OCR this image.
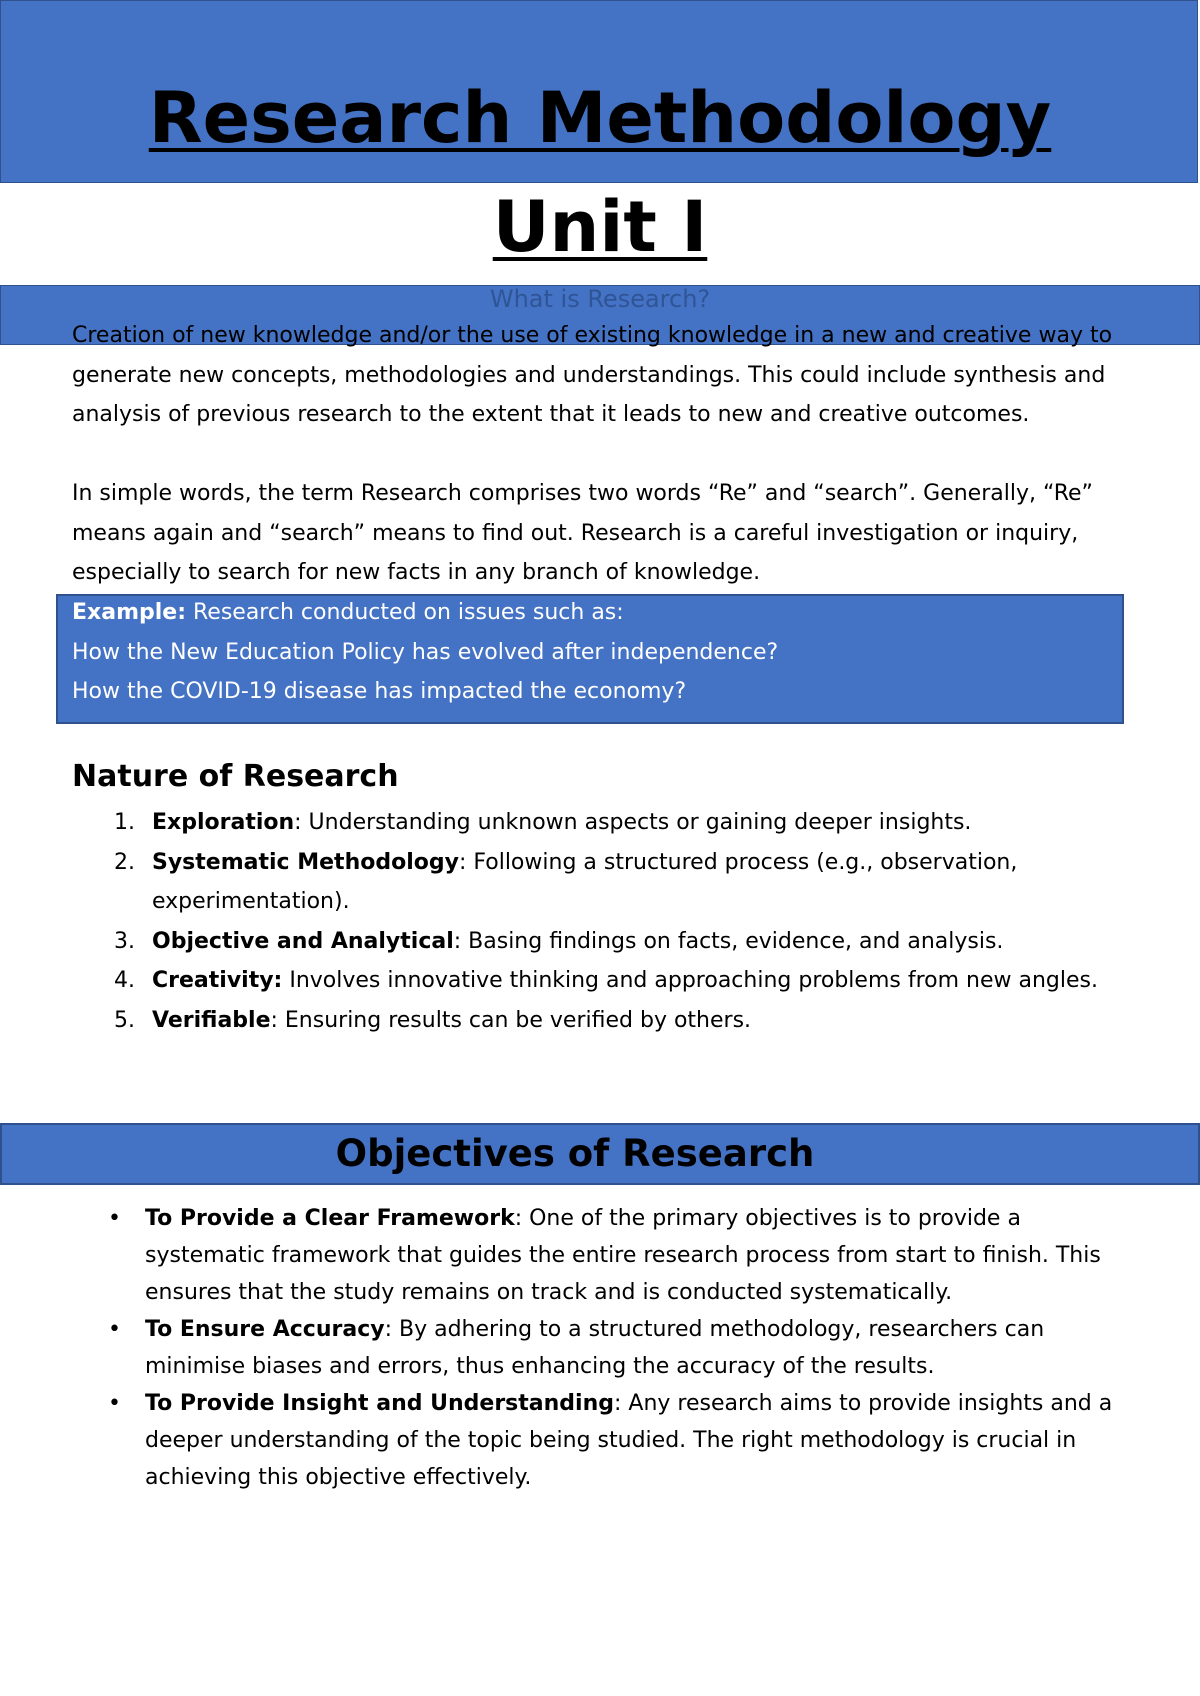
Research Methodology
Unit I
What is Research?

Creation of new knowledge and/or the use of existing knowledge in a new and creative way to generate new concepts, methodologies and understandings. This could include synthesis and analysis of previous research to the extent that it leads to new and creative outcomes.

In simple words, the term Research comprises two words “Re” and “search”. Generally, “Re” means again and “search” means to find out. Research is a careful investigation or inquiry, especially to search for new facts in any branch of knowledge.

Example: Research conducted on issues such as:
How the New Education Policy has evolved after independence?
How the COVID-19 disease has impacted the economy?
Nature of Research
1. Exploration: Understanding unknown aspects or gaining deeper insights.
2. Systematic Methodology: Following a structured process (e.g., observation, experimentation).
3. Objective and Analytical: Basing findings on facts, evidence, and analysis.
4. Creativity: Involves innovative thinking and approaching problems from new angles.
5. Verifiable: Ensuring results can be verified by others.
Objectives of Research
• To Provide a Clear Framework: One of the primary objectives is to provide a systematic framework that guides the entire research process from start to finish. This ensures that the study remains on track and is conducted systematically.
• To Ensure Accuracy: By adhering to a structured methodology, researchers can minimise biases and errors, thus enhancing the accuracy of the results.
• To Provide Insight and Understanding: Any research aims to provide insights and a deeper understanding of the topic being studied. The right methodology is crucial in achieving this objective effectively.
